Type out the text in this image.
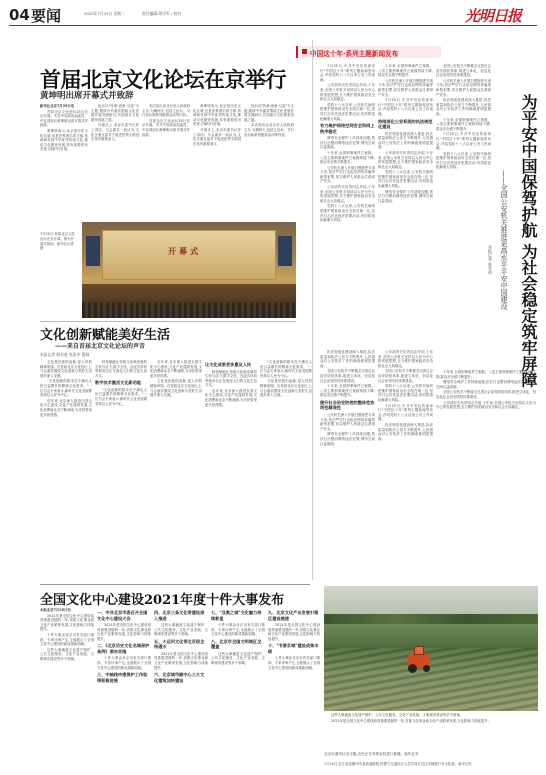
04 要闻	2022年7月25日 星期二	责任编辑:胡学军 / 校对	光明日报
首届北京文化论坛在京举行
黄坤明出席开幕式并致辞

新华社北京7月25日电

首届北京文化论坛25日在京开幕。中共中央政治局委员、中宣部部长黄坤明出席开幕式并致辞。

黄坤明表示,北京是历史文化名城,也是世界著名的古都,传承和发扬中华优秀传统文化,推动文化繁荣发展,具有重要的历史意义和时代价值。

论坛以"传承·创新·互鉴"为主题,邀请中外嘉宾围绕文化发展开展交流研讨,共同探讨文化繁荣发展之道。

开幕式上,北京市委书记作了讲话。与会嘉宾一致认为,文化交流互鉴对于促进世界文明进步具有重要意义。

本次论坛由北京市人民政府主办,为期两天,包括主论坛、平行论坛和系列配套活动等内容。

首届北京文化论坛25日在京开幕。中共中央政治局委员、中宣部部长黄坤明出席开幕式并致辞。

黄坤明表示,北京是历史文化名城,也是世界著名的古都,传承和发扬中华优秀传统文化,推动文化繁荣发展,具有重要的历史意义和时代价值。

开幕式上,北京市委书记作了讲话。与会嘉宾一致认为,文化交流互鉴对于促进世界文明进步具有重要意义。

论坛以"传承·创新·互鉴"为主题,邀请中外嘉宾围绕文化发展开展交流研讨,共同探讨文化繁荣发展之道。

本次论坛由北京市人民政府主办,为期两天,包括主论坛、平行论坛和系列配套活动等内容。

7月25日,首届北京文化论坛在京开幕。图为开幕式现场。新华社记者 摄	开幕式
文化创新赋能美好生活
——来自首届北京文化论坛的声音
本报记者 韩业庭 张景华 董城

文化是民族的血脉,是人民的精神家园。在首届北京文化论坛上,与会嘉宾围绕文化创新与美好生活展开深入交流。

"文化创新的根本在于满足人民日益增长的精神文化需求。"一位与会专家表示,新时代文化发展要坚持以人民为中心。

近年来,北京深入推进全国文化中心建设,文化产业蓬勃发展,文化消费新业态不断涌现,为市民带来更多获得感。

科技赋能让传统文化焕发新的生机与活力,数字文化、沉浸式体验等新形态正在改变人们的文化生活方式。

数字技术激活文化新动能

"文化创新的根本在于满足人民日益增长的精神文化需求。"一位与会专家表示,新时代文化发展要坚持以人民为中心。

近年来,北京深入推进全国文化中心建设,文化产业蓬勃发展,文化消费新业态不断涌现,为市民带来更多获得感。

文化是民族的血脉,是人民的精神家园。在首届北京文化论坛上,与会嘉宾围绕文化创新与美好生活展开深入交流。

让文化成果更多惠及人民

科技赋能让传统文化焕发新的生机与活力,数字文化、沉浸式体验等新形态正在改变人们的文化生活方式。

近年来,北京深入推进全国文化中心建设,文化产业蓬勃发展,文化消费新业态不断涌现,为市民带来更多获得感。

"文化创新的根本在于满足人民日益增长的精神文化需求。"一位与会专家表示,新时代文化发展要坚持以人民为中心。

文化是民族的血脉,是人民的精神家园。在首届北京文化论坛上,与会嘉宾围绕文化创新与美好生活展开深入交流。

中国这十年·系列主题新闻发布
为平安中国保驾护航 为社会稳定筑牢屏障
——全国公安机关推进更高水平平安中国建设
本报记者 陈孝明

7月25日,中共中央宣传部举行"中国这十年"系列主题新闻发布会,介绍党的十八大以来公安工作成就。

公安部有关负责同志介绍,十年来,全国公安机关坚持以人民为中心的发展思想,全力维护国家政治安全和社会大局稳定。

党的十八大以来,公安机关始终把维护国家政治安全放在第一位,坚决打击各类违法犯罪活动,有效防范化解重大风险。

有力维护网络空间安全和网上秩序稳定

网络安全保护工作持续加强,依法打击整治网络违法犯罪,网络空间日益清朗。

十年来,全国刑事案件立案数、八类主要刑事案件立案数持续下降,群众安全感不断提升。

公安机关深入开展扫黑除恶专项斗争,依法严厉打击电信网络诈骗等新型犯罪,切实维护人民群众生命财产安全。

公安部有关负责同志介绍,十年来,全国公安机关坚持以人民为中心的发展思想,全力维护国家政治安全和社会大局稳定。

党的十八大以来,公安机关始终把维护国家政治安全放在第一位,坚决打击各类违法犯罪活动,有效防范化解重大风险。

十年来,全国刑事案件立案数、八类主要刑事案件立案数持续下降,群众安全感不断提升。

公安机关深入开展扫黑除恶专项斗争,依法严厉打击电信网络诈骗等新型犯罪,切实维护人民群众生命财产安全。

7月25日,中共中央宣传部举行"中国这十年"系列主题新闻发布会,介绍党的十八大以来公安工作成就。

持续深化公安系统的执法规范化建设

执法规范化建设深入推进,执法质量和执法公信力不断提升,人民群众对公安执法工作的满意度明显提高。

公安部有关负责同志介绍,十年来,全国公安机关坚持以人民为中心的发展思想,全力维护国家政治安全和社会大局稳定。

党的十八大以来,公安机关始终把维护国家政治安全放在第一位,坚决打击各类违法犯罪活动,有效防范化解重大风险。

网络安全保护工作持续加强,依法打击整治网络违法犯罪,网络空间日益清朗。

全国公安机关不断健全完善社会治安防控体系,推进立体化、信息化社会治安防控体系建设。

公安机关深入开展扫黑除恶专项斗争,依法严厉打击电信网络诈骗等新型犯罪,切实维护人民群众生命财产安全。

执法规范化建设深入推进,执法质量和执法公信力不断提升,人民群众对公安执法工作的满意度明显提高。

十年来,全国刑事案件立案数、八类主要刑事案件立案数持续下降,群众安全感不断提升。

7月25日,中共中央宣传部举行"中国这十年"系列主题新闻发布会,介绍党的十八大以来公安工作成就。

党的十八大以来,公安机关始终把维护国家政治安全放在第一位,坚决打击各类违法犯罪活动,有效防范化解重大风险。

执法规范化建设深入推进,执法质量和执法公信力不断提升,人民群众对公安执法工作的满意度明显提高。

全国公安机关不断健全完善社会治安防控体系,推进立体化、信息化社会治安防控体系建设。

十年来,全国刑事案件立案数、八类主要刑事案件立案数持续下降,群众安全感不断提升。

提升社会治安防控的整体性协同性精准性

公安机关深入开展扫黑除恶专项斗争,依法严厉打击电信网络诈骗等新型犯罪,切实维护人民群众生命财产安全。

网络安全保护工作持续加强,依法打击整治网络违法犯罪,网络空间日益清朗。

公安部有关负责同志介绍,十年来,全国公安机关坚持以人民为中心的发展思想,全力维护国家政治安全和社会大局稳定。

全国公安机关不断健全完善社会治安防控体系,推进立体化、信息化社会治安防控体系建设。

党的十八大以来,公安机关始终把维护国家政治安全放在第一位,坚决打击各类违法犯罪活动,有效防范化解重大风险。

7月25日,中共中央宣传部举行"中国这十年"系列主题新闻发布会,介绍党的十八大以来公安工作成就。

执法规范化建设深入推进,执法质量和执法公信力不断提升,人民群众对公安执法工作的满意度明显提高。

十年来,全国刑事案件立案数、八类主要刑事案件立案数持续下降,群众安全感不断提升。

网络安全保护工作持续加强,依法打击整治网络违法犯罪,网络空间日益清朗。

全国公安机关不断健全完善社会治安防控体系,推进立体化、信息化社会治安防控体系建设。

公安部有关负责同志介绍,十年来,全国公安机关坚持以人民为中心的发展思想,全力维护国家政治安全和社会大局稳定。

全国文化中心建设2021年度十件大事发布

本报北京7月25日电

2021年是全国文化中心建设取得重要进展的一年,首都文化事业和文化产业繁荣发展,文化影响力持续提升。

十件大事由北京市有关部门推荐、专家评审产生,全面展示了全国文化中心建设的新成果新面貌。

这些大事涵盖文化遗产保护、公共文化服务、文化产业发展、文明城市建设等多个领域。

一、中共北京市委召开全国文化中心建设大会

2021年是全国文化中心建设取得重要进展的一年,首都文化事业和文化产业繁荣发展,文化影响力持续提升。

二、《北京历史文化名城保护条例》颁布实施

十件大事由北京市有关部门推荐、专家评审产生,全面展示了全国文化中心建设的新成果新面貌。

三、中轴线申遗保护工作取得积极进展
四、北京三条文化带建设深入推进

这些大事涵盖文化遗产保护、公共文化服务、文化产业发展、文明城市建设等多个领域。

五、大运河文化带北京段全线通水

2021年是全国文化中心建设取得重要进展的一年,首都文化事业和文化产业繁荣发展,文化影响力持续提升。

六、北京城市副中心三大文化建筑加快建设
七、"双奥之城"文化魅力持续彰显

十件大事由北京市有关部门推荐、专家评审产生,全面展示了全国文化中心建设的新成果新面貌。

八、北京市全国文明城区全覆盖

这些大事涵盖文化遗产保护、公共文化服务、文化产业发展、文明城市建设等多个领域。

九、北京文化产业发展引领区建设提速

2021年是全国文化中心建设取得重要进展的一年,首都文化事业和文化产业繁荣发展,文化影响力持续提升。

十、"书香京城"建设成果丰硕

十件大事由北京市有关部门推荐、专家评审产生,全面展示了全国文化中心建设的新成果新面貌。

这些大事涵盖文化遗产保护、公共文化服务、文化产业发展、文明城市建设等多个领域。

2021年是全国文化中心建设取得重要进展的一年,首都文化事业和文化产业繁荣发展,文化影响力持续提升。

北京市通州区宋庄镇,农民正在驾驶农机进行夏播。新华社发
7月25日,在江西省赣州市某高速路段,民警与交通执法人员共同对过往车辆进行安全检查。新华社发
